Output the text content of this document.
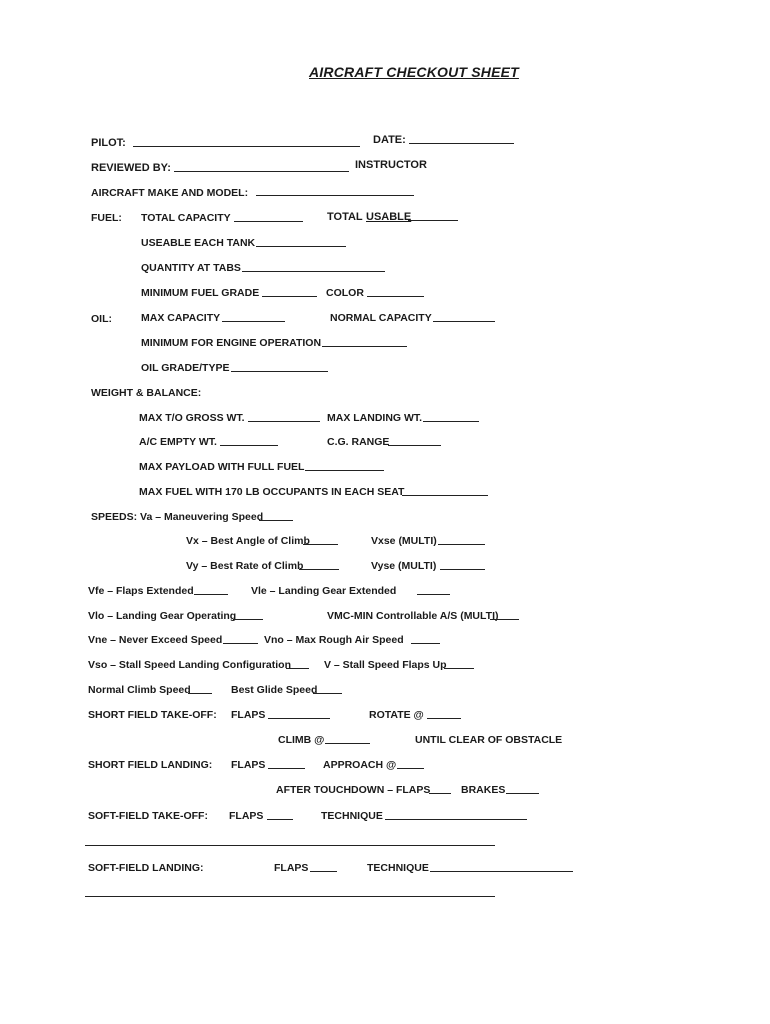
AIRCRAFT CHECKOUT SHEET
PILOT:	DATE:
REVIEWED BY:	INSTRUCTOR
AIRCRAFT MAKE AND MODEL:
FUEL: TOTAL CAPACITY	TOTAL USABLE
USEABLE EACH TANK
QUANTITY AT TABS
MINIMUM FUEL GRADE	COLOR
OIL:	MAX CAPACITY	NORMAL CAPACITY
MINIMUM FOR ENGINE OPERATION
OIL GRADE/TYPE
WEIGHT & BALANCE:
MAX T/O GROSS WT.	MAX LANDING WT.
A/C EMPTY WT.	C.G. RANGE
MAX PAYLOAD WITH FULL FUEL
MAX FUEL WITH 170 LB OCCUPANTS IN EACH SEAT
SPEEDS: Va – Maneuvering Speed
Vx – Best Angle of Climb	Vxse (MULTI)
Vy – Best Rate of Climb	Vyse (MULTI)
Vfe – Flaps Extended	Vle – Landing Gear Extended
Vlo – Landing Gear Operating	VMC-MIN Controllable A/S (MULTI)
Vne – Never Exceed Speed	Vno – Max Rough Air Speed
Vso – Stall Speed Landing Configuration	V – Stall Speed Flaps Up
Normal Climb Speed	Best Glide Speed
SHORT FIELD TAKE-OFF: FLAPS	ROTATE @
CLIMB @	UNTIL CLEAR OF OBSTACLE
SHORT FIELD LANDING: FLAPS	APPROACH @
AFTER TOUCHDOWN – FLAPS	BRAKES
SOFT-FIELD TAKE-OFF: FLAPS	TECHNIQUE
SOFT-FIELD LANDING:	FLAPS	TECHNIQUE
